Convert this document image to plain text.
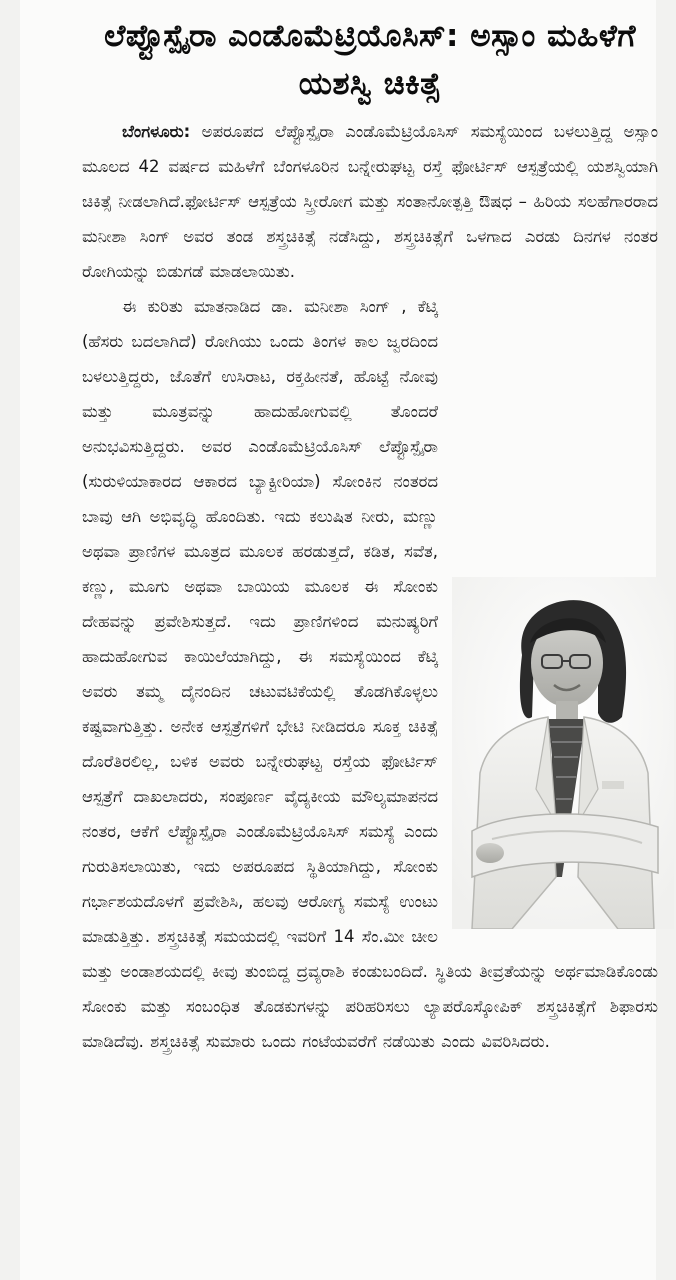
ಲೆಪ್ಟೊಸ್ಪೈರಾ ಎಂಡೊಮೆಟ್ರಿಯೊಸಿಸ್: ಅಸ್ಸಾಂ ಮಹಿಳೆಗೆ ಯಶಸ್ವಿ ಚಿಕಿತ್ಸೆ

ಬೆಂಗಳೂರು: ಅಪರೂಪದ ಲೆಪ್ಟೊಸ್ಪೈರಾ ಎಂಡೊಮೆಟ್ರಿಯೊಸಿಸ್ ಸಮಸ್ಯೆಯಿಂದ ಬಳಲುತ್ತಿದ್ದ ಅಸ್ಸಾಂ ಮೂಲದ 42 ವರ್ಷದ ಮಹಿಳೆಗೆ ಬೆಂಗಳೂರಿನ ಬನ್ನೇರುಘಟ್ಟ ರಸ್ತೆ ಫೋರ್ಟಿಸ್ ಆಸ್ಪತ್ರೆಯಲ್ಲಿ ಯಶಸ್ವಿಯಾಗಿ ಚಿಕಿತ್ಸೆ ನೀಡಲಾಗಿದೆ.ಫೋರ್ಟಿಸ್ ಆಸ್ಪತ್ರೆಯ ಸ್ತ್ರೀರೋಗ ಮತ್ತು ಸಂತಾನೋತ್ಪತ್ತಿ ಔಷಧ – ಹಿರಿಯ ಸಲಹೆಗಾರರಾದ ಮನೀಶಾ ಸಿಂಗ್ ಅವರ ತಂಡ ಶಸ್ತ್ರಚಿಕಿತ್ಸೆ ನಡೆಸಿದ್ದು, ಶಸ್ತ್ರಚಿಕಿತ್ಸೆಗೆ ಒಳಗಾದ ಎರಡು ದಿನಗಳ ನಂತರ ರೋಗಿಯನ್ನು ಬಿಡುಗಡೆ ಮಾಡಲಾಯಿತು.

ಈ ಕುರಿತು ಮಾತನಾಡಿದ ಡಾ. ಮನೀಶಾ ಸಿಂಗ್ , ಕೆಟ್ಕಿ (ಹೆಸರು ಬದಲಾಗಿದೆ) ರೋಗಿಯು ಒಂದು ತಿಂಗಳ ಕಾಲ ಜ್ವರದಿಂದ ಬಳಲುತ್ತಿದ್ದರು, ಜೊತೆಗೆ ಉಸಿರಾಟ, ರಕ್ತಹೀನತೆ, ಹೊಟ್ಟೆ ನೋವು ಮತ್ತು ಮೂತ್ರವನ್ನು ಹಾದುಹೋಗುವಲ್ಲಿ ತೊಂದರೆ ಅನುಭವಿಸುತ್ತಿದ್ದರು. ಅವರ ಎಂಡೊಮೆಟ್ರಿಯೊಸಿಸ್ ಲೆಪ್ಟೊಸ್ಪೈರಾ (ಸುರುಳಿಯಾಕಾರದ ಆಕಾರದ ಬ್ಯಾಕ್ಟೀರಿಯಾ) ಸೋಂಕಿನ ನಂತರದ ಬಾವು ಆಗಿ ಅಭಿವೃದ್ಧಿ ಹೊಂದಿತು. ಇದು ಕಲುಷಿತ ನೀರು, ಮಣ್ಣು ಅಥವಾ ಪ್ರಾಣಿಗಳ ಮೂತ್ರದ ಮೂಲಕ ಹರಡುತ್ತದೆ, ಕಡಿತ, ಸವೆತ, ಕಣ್ಣು, ಮೂಗು ಅಥವಾ ಬಾಯಿಯ ಮೂಲಕ ಈ ಸೋಂಕು ದೇಹವನ್ನು ಪ್ರವೇಶಿಸುತ್ತದೆ. ಇದು ಪ್ರಾಣಿಗಳಿಂದ ಮನುಷ್ಯರಿಗೆ ಹಾದುಹೋಗುವ ಕಾಯಿಲೆಯಾಗಿದ್ದು, ಈ ಸಮಸ್ಯೆಯಿಂದ ಕೆಟ್ಕಿ ಅವರು ತಮ್ಮ ದೈನಂದಿನ ಚಟುವಟಿಕೆಯಲ್ಲಿ ತೊಡಗಿಕೊಳ್ಳಲು ಕಷ್ಟವಾಗುತ್ತಿತ್ತು. ಅನೇಕ ಆಸ್ಪತ್ರೆಗಳಿಗೆ ಭೇಟಿ ನೀಡಿದರೂ ಸೂಕ್ತ ಚಿಕಿತ್ಸೆ ದೊರೆತಿರಲಿಲ್ಲ, ಬಳಿಕ ಅವರು ಬನ್ನೇರುಘಟ್ಟ ರಸ್ತೆಯ ಫೋರ್ಟಿಸ್ ಆಸ್ಪತ್ರೆಗೆ ದಾಖಲಾದರು, ಸಂಪೂರ್ಣ ವೈದ್ಯಕೀಯ ಮೌಲ್ಯಮಾಪನದ ನಂತರ, ಆಕೆಗೆ ಲೆಪ್ಟೊಸ್ಪೈರಾ ಎಂಡೊಮೆಟ್ರಿಯೊಸಿಸ್ ಸಮಸ್ಯೆ ಎಂದು ಗುರುತಿಸಲಾಯಿತು, ಇದು ಅಪರೂಪದ ಸ್ಥಿತಿಯಾಗಿದ್ದು, ಸೋಂಕು ಗರ್ಭಾಶಯದೊಳಗೆ ಪ್ರವೇಶಿಸಿ, ಹಲವು ಆರೋಗ್ಯ ಸಮಸ್ಯೆ ಉಂಟು ಮಾಡುತ್ತಿತ್ತು. ಶಸ್ತ್ರಚಿಕಿತ್ಸೆ ಸಮಯದಲ್ಲಿ ಇವರಿಗೆ 14 ಸೆಂ.ಮೀ ಚೀಲ ಮತ್ತು ಅಂಡಾಶಯದಲ್ಲಿ ಕೀವು ತುಂಬಿದ್ದ ದ್ರವ್ಯರಾಶಿ ಕಂಡುಬಂದಿದೆ. ಸ್ಥಿತಿಯ ತೀವ್ರತೆಯನ್ನು ಅರ್ಥಮಾಡಿಕೊಂಡು ಸೋಂಕು ಮತ್ತು ಸಂಬಂಧಿತ ತೊಡಕುಗಳನ್ನು ಪರಿಹರಿಸಲು ಲ್ಯಾಪರೊಸ್ಕೋಪಿಕ್ ಶಸ್ತ್ರಚಿಕಿತ್ಸೆಗೆ ಶಿಫಾರಸು ಮಾಡಿದೆವು. ಶಸ್ತ್ರಚಿಕಿತ್ಸೆ ಸುಮಾರು ಒಂದು ಗಂಟೆಯವರೆಗೆ ನಡೆಯಿತು ಎಂದು ವಿವರಿಸಿದರು.
